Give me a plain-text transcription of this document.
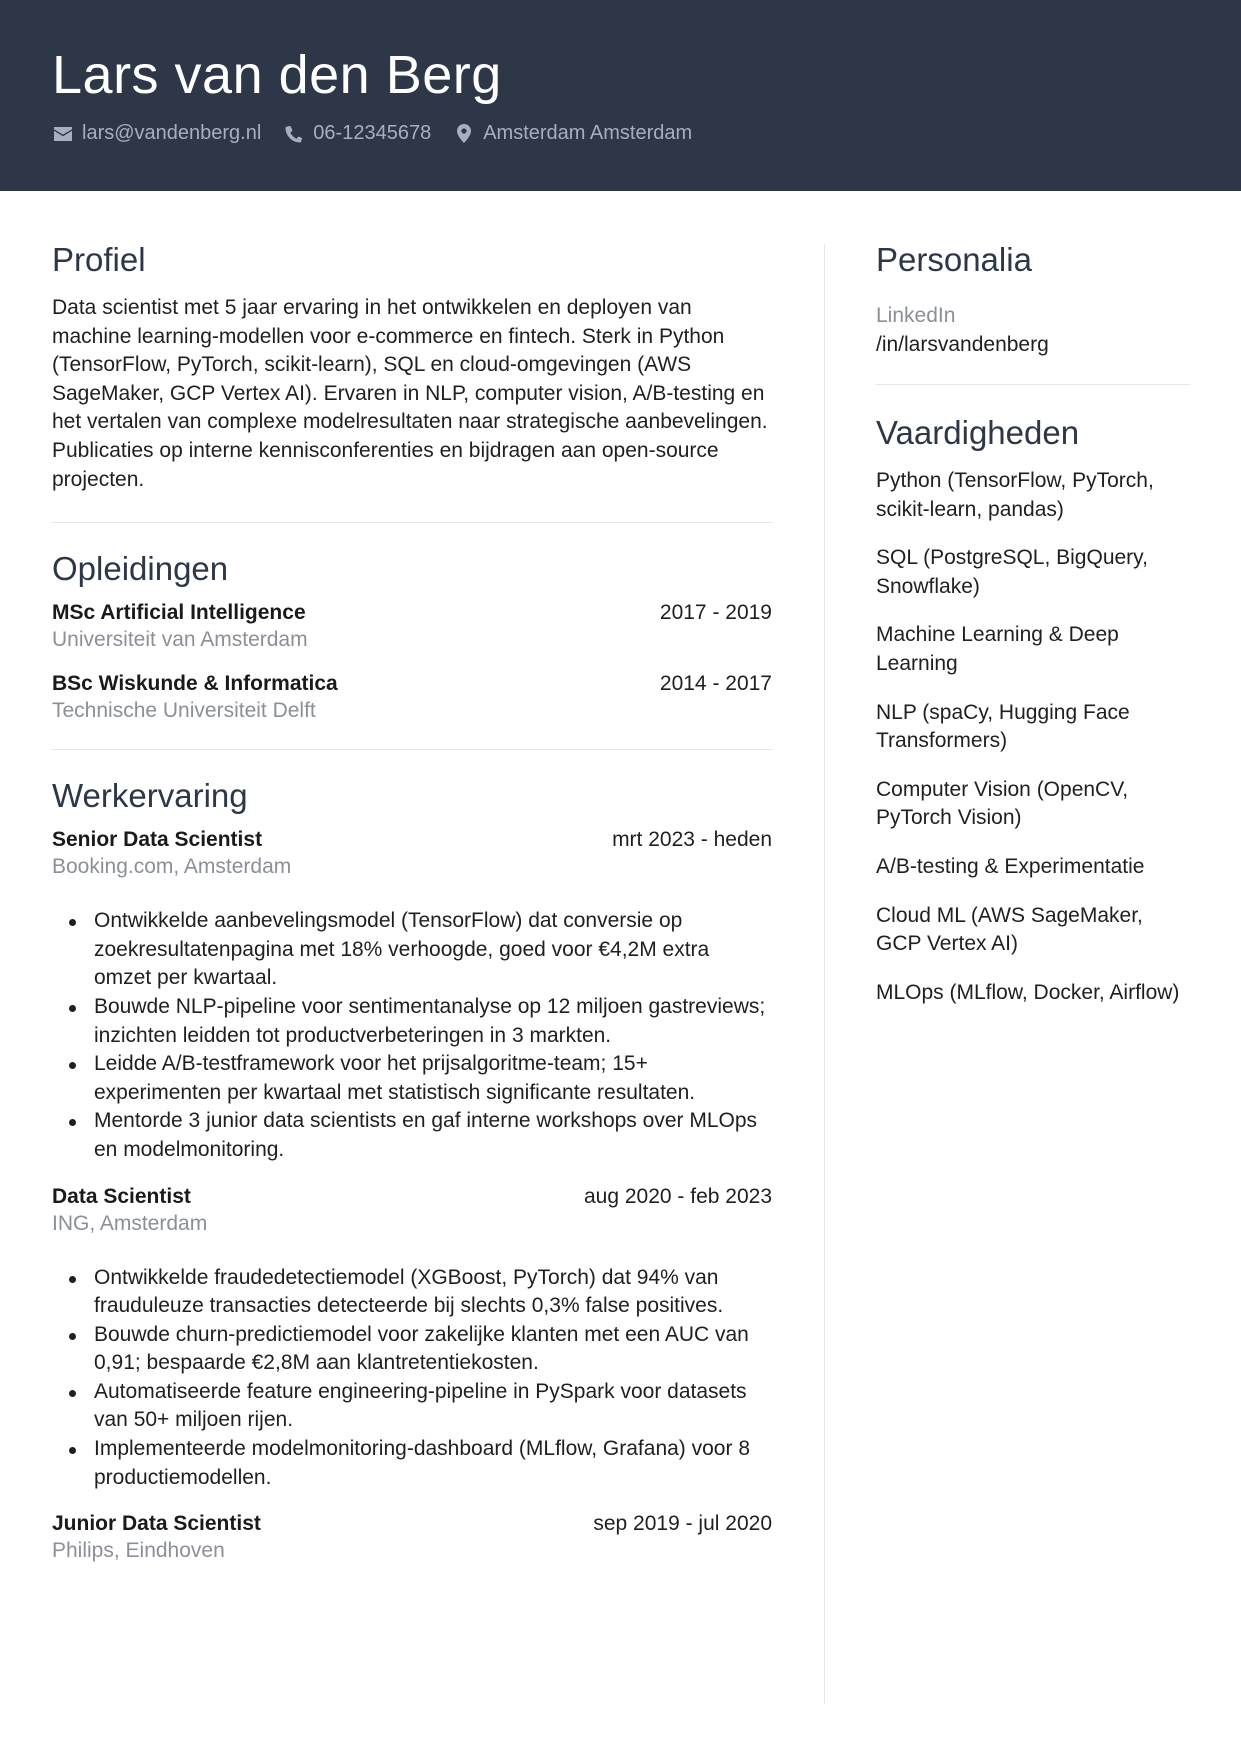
Lars van den Berg
lars@vandenberg.nl	06-12345678	Amsterdam Amsterdam
Profiel

Data scientist met 5 jaar ervaring in het ontwikkelen en deployen van machine learning-modellen voor e-commerce en fintech. Sterk in Python (TensorFlow, PyTorch, scikit-learn), SQL en cloud-omgevingen (AWS SageMaker, GCP Vertex AI). Ervaren in NLP, computer vision, A/B-testing en het vertalen van complexe modelresultaten naar strategische aanbevelingen. Publicaties op interne kennisconferenties en bijdragen aan open-source projecten.

Opleidingen
MSc Artificial Intelligence	2017 - 2019
Universiteit van Amsterdam
BSc Wiskunde & Informatica	2014 - 2017
Technische Universiteit Delft
Werkervaring
Senior Data Scientist	mrt 2023 - heden
Booking.com, Amsterdam
Ontwikkelde aanbevelingsmodel (TensorFlow) dat conversie op zoekresultatenpagina met 18% verhoogde, goed voor €4,2M extra omzet per kwartaal.
Bouwde NLP-pipeline voor sentimentanalyse op 12 miljoen gastreviews; inzichten leidden tot productverbeteringen in 3 markten.
Leidde A/B-testframework voor het prijsalgoritme-team; 15+ experimenten per kwartaal met statistisch significante resultaten.
Mentorde 3 junior data scientists en gaf interne workshops over MLOps en modelmonitoring.
Data Scientist	aug 2020 - feb 2023
ING, Amsterdam
Ontwikkelde fraudedetectiemodel (XGBoost, PyTorch) dat 94% van frauduleuze transacties detecteerde bij slechts 0,3% false positives.
Bouwde churn-predictiemodel voor zakelijke klanten met een AUC van 0,91; bespaarde €2,8M aan klantretentiekosten.
Automatiseerde feature engineering-pipeline in PySpark voor datasets van 50+ miljoen rijen.
Implementeerde modelmonitoring-dashboard (MLflow, Grafana) voor 8 productiemodellen.
Junior Data Scientist	sep 2019 - jul 2020
Philips, Eindhoven
Personalia
LinkedIn
/in/larsvandenberg
Vaardigheden
Python (TensorFlow, PyTorch, scikit-learn, pandas)
SQL (PostgreSQL, BigQuery, Snowflake)
Machine Learning & Deep Learning
NLP (spaCy, Hugging Face Transformers)
Computer Vision (OpenCV, PyTorch Vision)
A/B-testing & Experimentatie
Cloud ML (AWS SageMaker, GCP Vertex AI)
MLOps (MLflow, Docker, Airflow)
